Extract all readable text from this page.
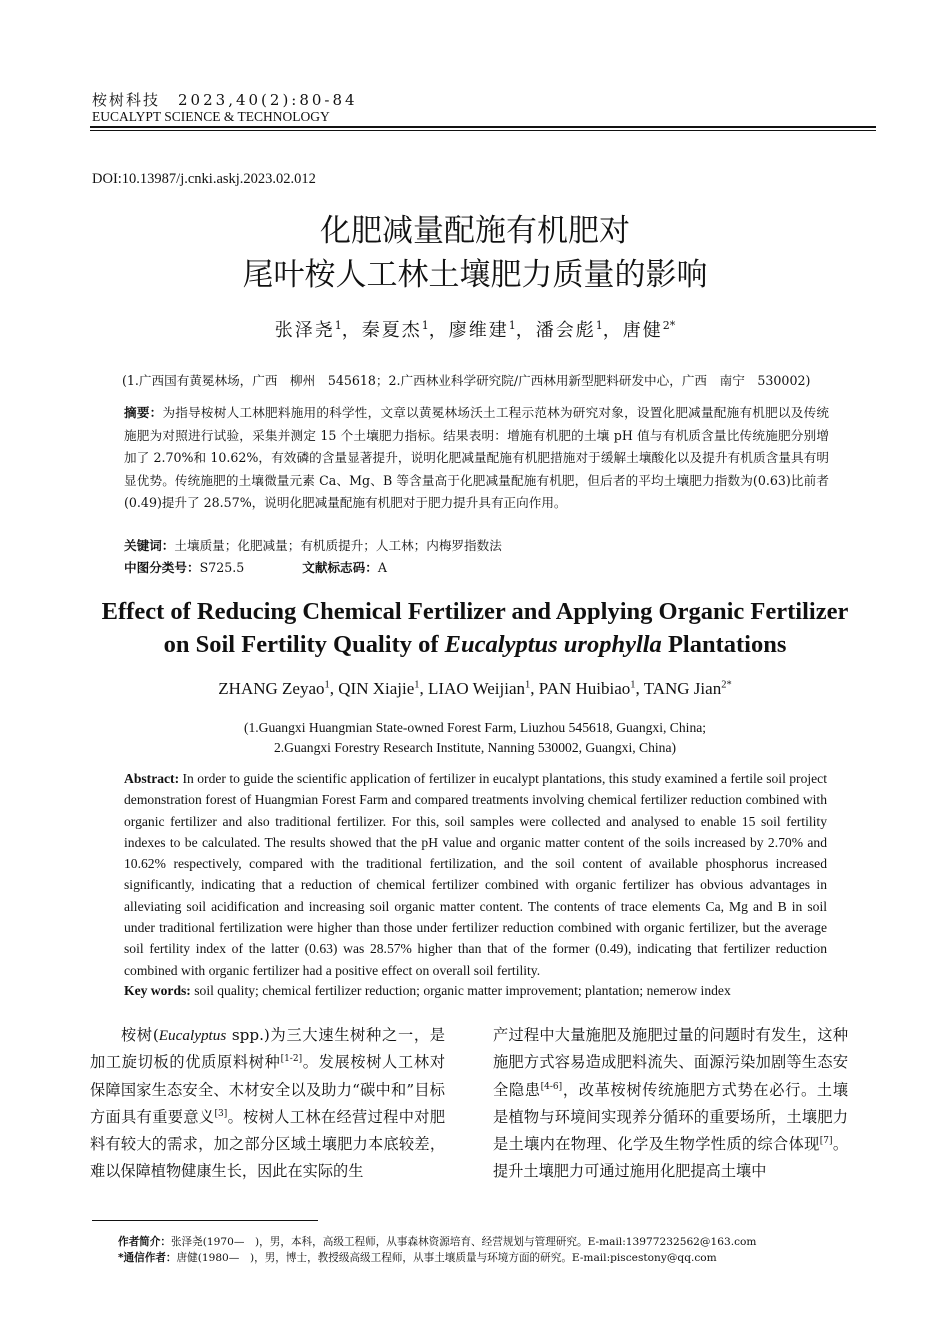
桉树科技 2023,40(2):80-84
EUCALYPT SCIENCE & TECHNOLOGY
DOI:10.13987/j.cnki.askj.2023.02.012
化肥减量配施有机肥对
尾叶桉人工林土壤肥力质量的影响
张泽尧$^1$，秦夏杰$^1$，廖维建$^1$，潘会彪$^1$，唐健$^{2*}$
(1.广西国有黄冕林场，广西　柳州　545618；2.广西林业科学研究院/广西林用新型肥料研发中心，广西　南宁　530002)
摘要：为指导桉树人工林肥料施用的科学性，文章以黄冕林场沃土工程示范林为研究对象，设置化肥减量配施有机肥以及传统施肥为对照进行试验，采集并测定 15 个土壤肥力指标。结果表明：增施有机肥的土壤 pH 值与有机质含量比传统施肥分别增加了 2.70%和 10.62%，有效磷的含量显著提升，说明化肥减量配施有机肥措施对于缓解土壤酸化以及提升有机质含量具有明显优势。传统施肥的土壤微量元素 Ca、Mg、B 等含量高于化肥减量配施有机肥，但后者的平均土壤肥力指数为(0.63)比前者(0.49)提升了 28.57%，说明化肥减量配施有机肥对于肥力提升具有正向作用。
关键词：土壤质量；化肥减量；有机质提升；人工林；内梅罗指数法
中图分类号：S725.5	文献标志码：A
Effect of Reducing Chemical Fertilizer and Applying Organic Fertilizer
on Soil Fertility Quality of Eucalyptus urophylla Plantations
ZHANG Zeyao$^1$, QIN Xiajie$^1$, LIAO Weijian$^1$, PAN Huibiao$^1$, TANG Jian$^{2*}$
(1.Guangxi Huangmian State-owned Forest Farm, Liuzhou 545618, Guangxi, China;
2.Guangxi Forestry Research Institute, Nanning 530002, Guangxi, China)
Abstract: In order to guide the scientific application of fertilizer in eucalypt plantations, this study examined a fertile soil project demonstration forest of Huangmian Forest Farm and compared treatments involving chemical fertilizer reduction combined with organic fertilizer and also traditional fertilizer. For this, soil samples were collected and analysed to enable 15 soil fertility indexes to be calculated. The results showed that the pH value and organic matter content of the soils increased by 2.70% and 10.62% respectively, compared with the traditional fertilization, and the soil content of available phosphorus increased significantly, indicating that a reduction of chemical fertilizer combined with organic fertilizer has obvious advantages in alleviating soil acidification and increasing soil organic matter content. The contents of trace elements Ca, Mg and B in soil under traditional fertilization were higher than those under fertilizer reduction combined with organic fertilizer, but the average soil fertility index of the latter (0.63) was 28.57% higher than that of the former (0.49), indicating that fertilizer reduction combined with organic fertilizer had a positive effect on overall soil fertility.
Key words: soil quality; chemical fertilizer reduction; organic matter improvement; plantation; nemerow index
桉树(Eucalyptus spp.)为三大速生树种之一，是加工旋切板的优质原料树种[1-2]。发展桉树人工林对保障国家生态安全、木材安全以及助力“碳中和”目标方面具有重要意义[3]。桉树人工林在经营过程中对肥料有较大的需求，加之部分区域土壤肥力本底较差，难以保障植物健康生长，因此在实际的生
产过程中大量施肥及施肥过量的问题时有发生，这种施肥方式容易造成肥料流失、面源污染加剧等生态安全隐患[4-6]，改革桉树传统施肥方式势在必行。土壤是植物与环境间实现养分循环的重要场所，土壤肥力是土壤内在物理、化学及生物学性质的综合体现[7]。提升土壤肥力可通过施用化肥提高土壤中
作者简介：张泽尧(1970—　)，男，本科，高级工程师，从事森林资源培育、经营规划与管理研究。E-mail:13977232562@163.com
*通信作者：唐健(1980—　)，男，博士，教授级高级工程师，从事土壤质量与环境方面的研究。E-mail:piscestony@qq.com
